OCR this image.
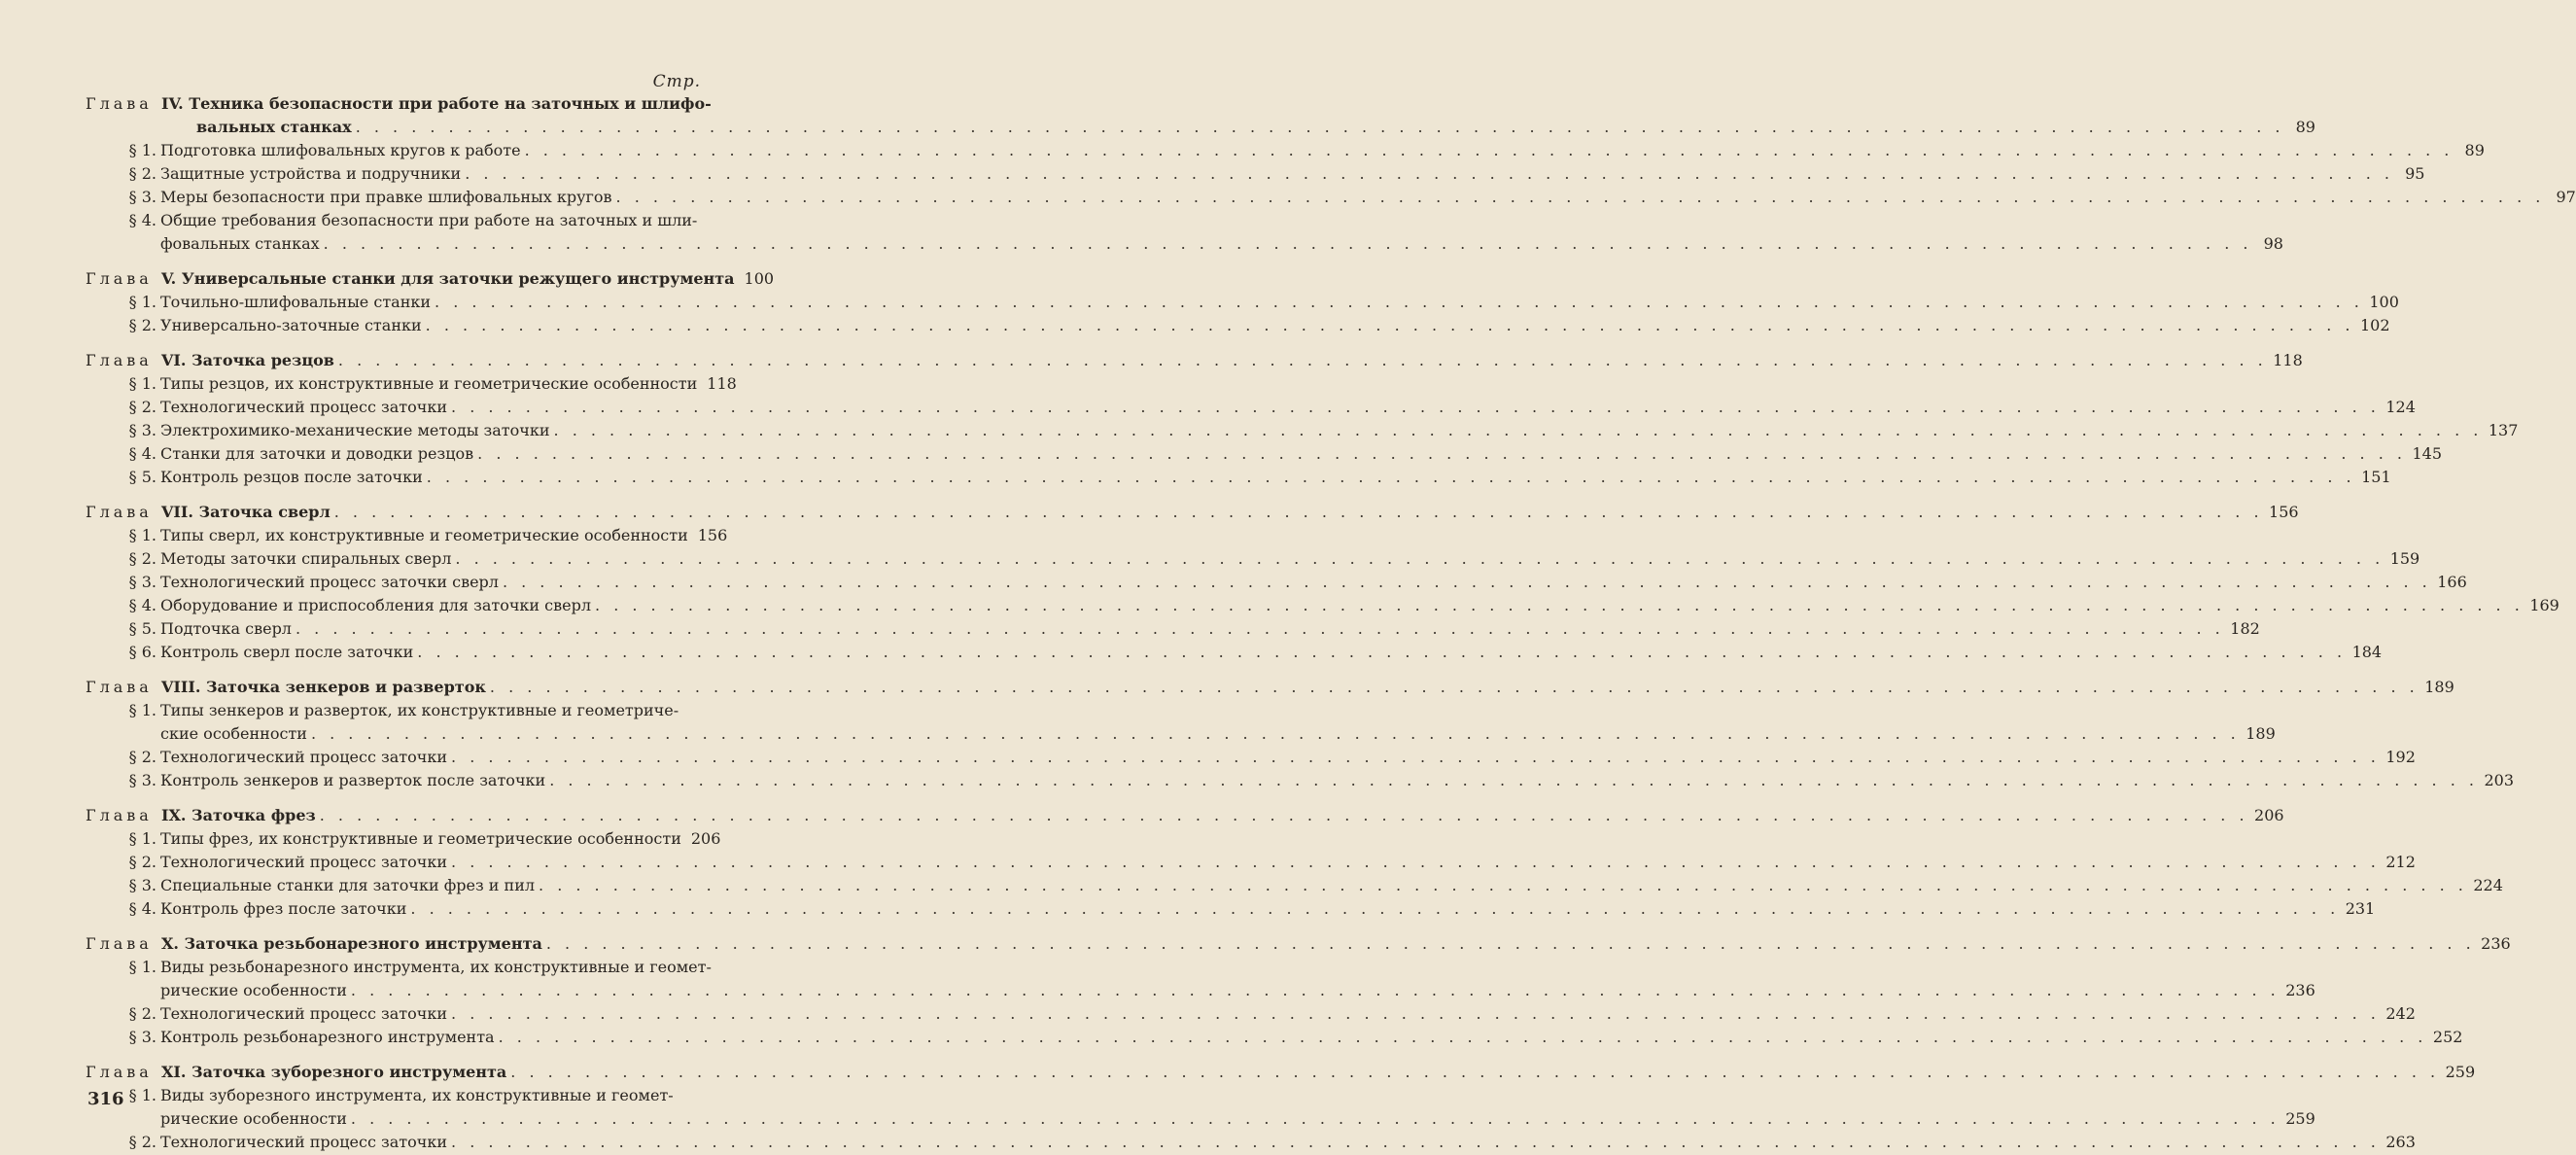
Стр.
Глава IV. Техника безопасности при работе на заточных и шлифо-
вальных станках . . .	89
§ 1. Подготовка шлифовальных кругов к работе . . .	89
§ 2. Защитные устройства и подручники . . .	95
§ 3. Меры безопасности при правке шлифовальных кругов . . .	97
§ 4. Общие требования безопасности при работе на заточных и шли-
фовальных станках . . .	98
Глава V. Универсальные станки для заточки режущего инструмента 100
§ 1. Точильно-шлифовальные станки . . .	100
§ 2. Универсально-заточные станки . . .	102
Глава VI. Заточка резцов . . .	118
§ 1. Типы резцов, их конструктивные и геометрические особенности 118
§ 2. Технологический процесс заточки . . .	124
§ 3. Электрохимико-механические методы заточки . . .	137
§ 4. Станки для заточки и доводки резцов . . .	145
§ 5. Контроль резцов после заточки . . .	151
Глава VII. Заточка сверл . . .	156
§ 1. Типы сверл, их конструктивные и геометрические особенности 156
§ 2. Методы заточки спиральных сверл . . .	159
§ 3. Технологический процесс заточки сверл . . .	166
§ 4. Оборудование и приспособления для заточки сверл . . .	169
§ 5. Подточка сверл . . .	182
§ 6. Контроль сверл после заточки . . .	184
Глава VIII. Заточка зенкеров и разверток . . .	189
§ 1. Типы зенкеров и разверток, их конструктивные и геометриче-
ские особенности . . .	189
§ 2. Технологический процесс заточки . . .	192
§ 3. Контроль зенкеров и разверток после заточки . . .	203
Глава IX. Заточка фрез . . .	206
§ 1. Типы фрез, их конструктивные и геометрические особенности 206
§ 2. Технологический процесс заточки . . .	212
§ 3. Специальные станки для заточки фрез и пил . . .	224
§ 4. Контроль фрез после заточки . . .	231
Глава X. Заточка резьбонарезного инструмента . . .	236
§ 1. Виды резьбонарезного инструмента, их конструктивные и геомет-
рические особенности . . .	236
§ 2. Технологический процесс заточки . . .	242
§ 3. Контроль резьбонарезного инструмента . . .	252
Глава XI. Заточка зуборезного инструмента . . .	259
§ 1. Виды зуборезного инструмента, их конструктивные и геомет-
рические особенности . . .	259
§ 2. Технологический процесс заточки . . .	263
316
